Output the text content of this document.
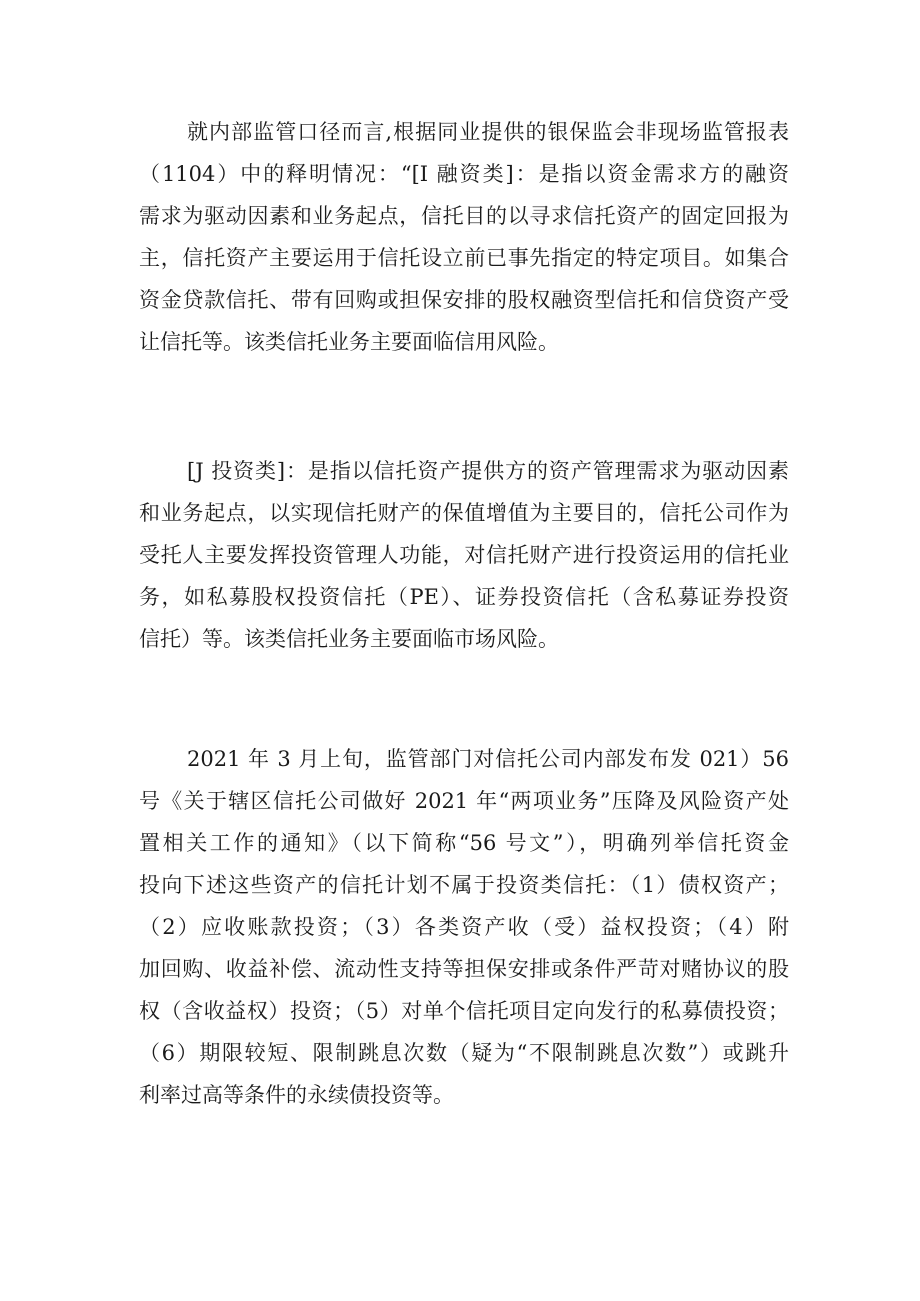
就内部监管口径而言,根据同业提供的银保监会非现场监管报表
（1104）中的释明情况：“[I 融资类]：是指以资金需求方的融资
需求为驱动因素和业务起点，信托目的以寻求信托资产的固定回报为
主，信托资产主要运用于信托设立前已事先指定的特定项目。如集合
资金贷款信托、带有回购或担保安排的股权融资型信托和信贷资产受
让信托等。该类信托业务主要面临信用风险。
[J 投资类]：是指以信托资产提供方的资产管理需求为驱动因素
和业务起点，以实现信托财产的保值增值为主要目的，信托公司作为
受托人主要发挥投资管理人功能，对信托财产进行投资运用的信托业
务，如私募股权投资信托（PE）、证券投资信托（含私募证券投资
信托）等。该类信托业务主要面临市场风险。
2021 年 3 月上旬，监管部门对信托公司内部发布发 021）56
号《关于辖区信托公司做好 2021 年“两项业务”压降及风险资产处
置相关工作的通知》（以下简称“56 号文”），明确列举信托资金
投向下述这些资产的信托计划不属于投资类信托：（1）债权资产；
（2）应收账款投资；（3）各类资产收（受）益权投资；（4）附
加回购、收益补偿、流动性支持等担保安排或条件严苛对赌协议的股
权（含收益权）投资；（5）对单个信托项目定向发行的私募债投资；
（6）期限较短、限制跳息次数（疑为“不限制跳息次数”）或跳升
利率过高等条件的永续债投资等。
